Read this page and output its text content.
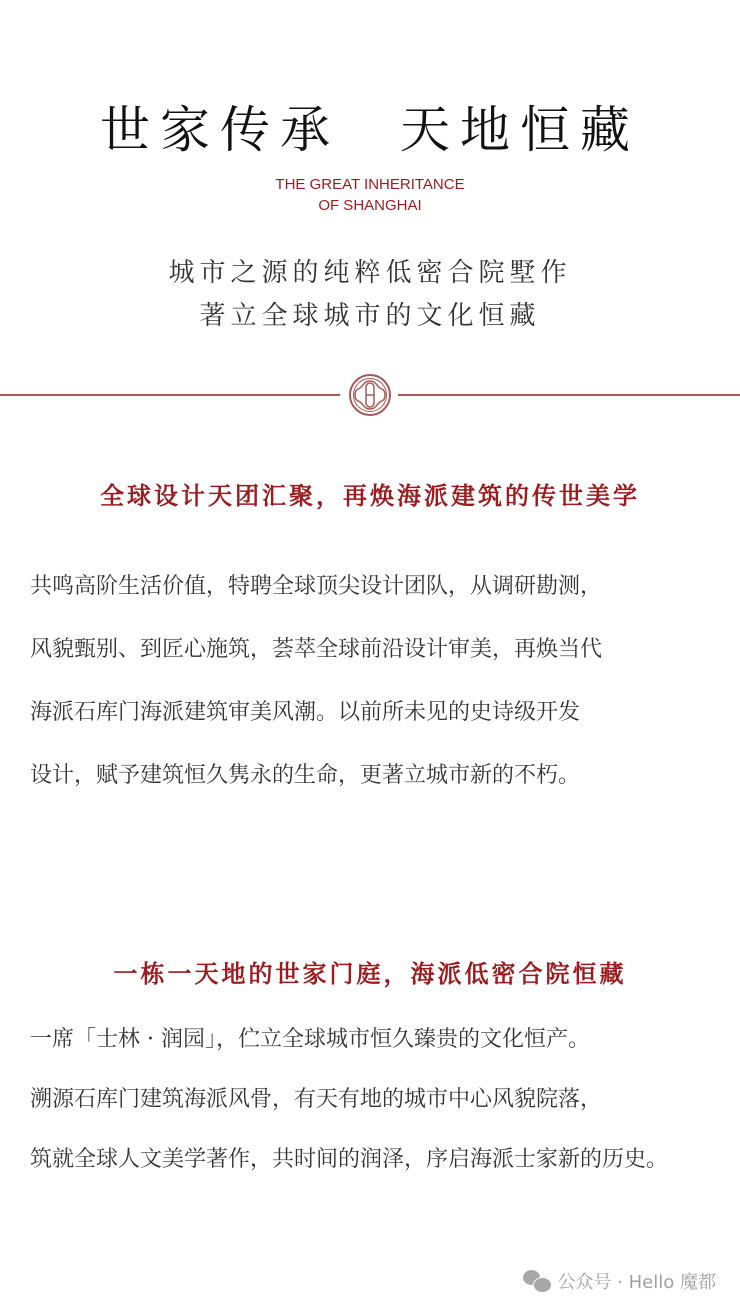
世家传承　天地恒藏
THE GREAT INHERITANCE
OF SHANGHAI
城市之源的纯粹低密合院墅作
著立全球城市的文化恒藏
全球设计天团汇聚，再焕海派建筑的传世美学
共鸣高阶生活价值，特聘全球顶尖设计团队，从调研勘测，
风貌甄别、到匠心施筑，荟萃全球前沿设计审美，再焕当代
海派石库门海派建筑审美风潮。以前所未见的史诗级开发
设计，赋予建筑恒久隽永的生命，更著立城市新的不朽。
一栋一天地的世家门庭，海派低密合院恒藏
一席「士林 · 润园」，伫立全球城市恒久臻贵的文化恒产。
溯源石库门建筑海派风骨，有天有地的城市中心风貌院落，
筑就全球人文美学著作，共时间的润泽，序启海派士家新的历史。
公众号 · Hello 魔都
